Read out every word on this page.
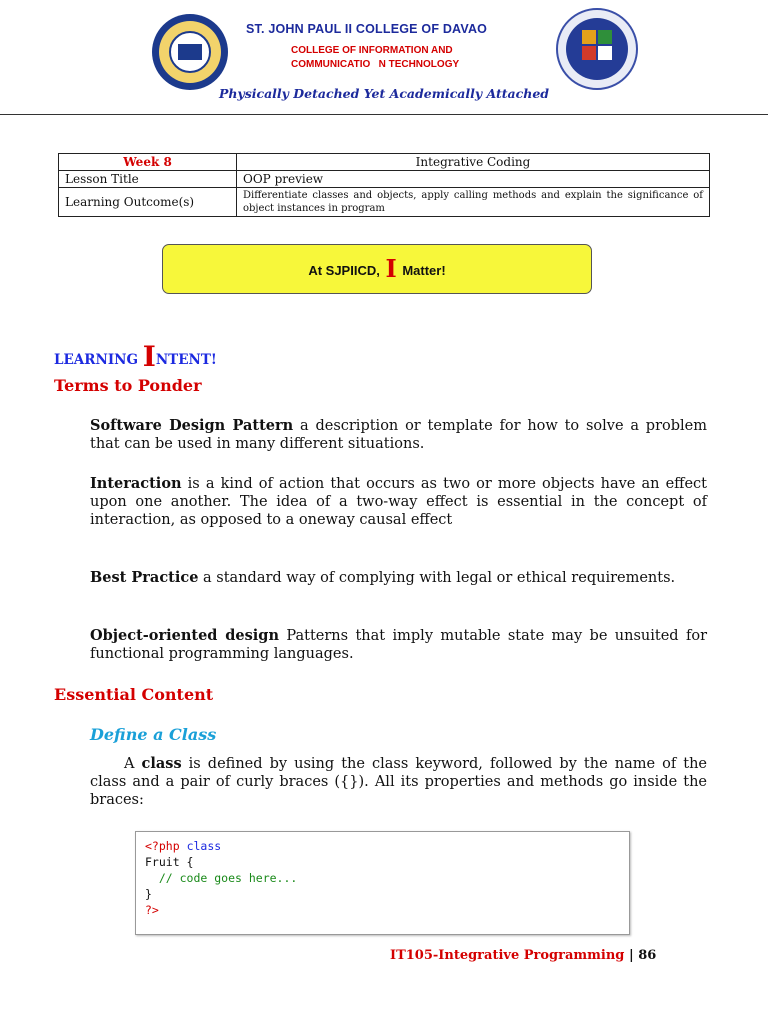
ST. JOHN PAUL II COLLEGE OF DAVAO
COLLEGE OF INFORMATION AND
COMMUNICATIO   N TECHNOLOGY
Physically Detached Yet Academically Attached
Week 8	Integrative Coding
Lesson Title	OOP preview
Learning Outcome(s)	Differentiate classes and objects, apply calling methods and explain the significance of object instances in program
At SJPIICD, I Matter!
LEARNING INTENT!
Terms to Ponder
Software Design Pattern a description or template for how to solve a problem that can be used in many different situations.
Interaction is a kind of action that occurs as two or more objects have an effect upon one another. The idea of a two-way effect is essential in the concept of interaction, as opposed to a oneway causal effect
Best Practice a standard way of complying with legal or ethical requirements.
Object-oriented design Patterns that imply mutable state may be unsuited for functional programming languages.
Essential Content
Define a Class
A class is defined by using the class keyword, followed by the name of the class and a pair of curly braces ({}). All its properties and methods go inside the braces:
<?php class
Fruit {
// code goes here...
}
?>
IT105-Integrative Programming | 86
